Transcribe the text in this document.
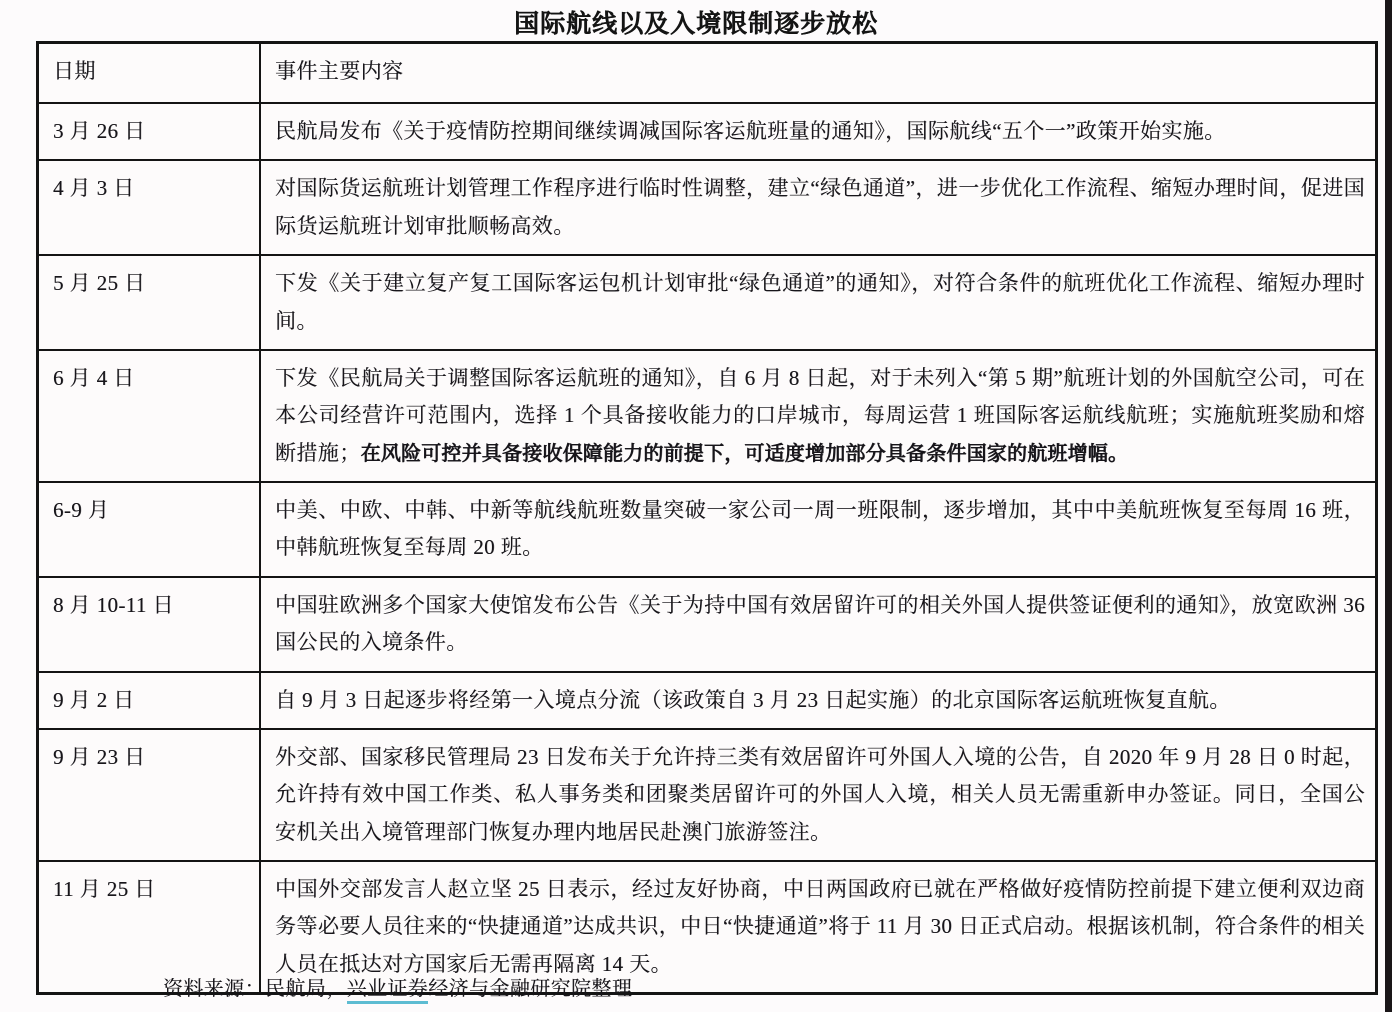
国际航线以及入境限制逐步放松
日期	事件主要内容
3 月 26 日	民航局发布《关于疫情防控期间继续调减国际客运航班量的通知》，国际航线“五个一”政策开始实施。
4 月 3 日	对国际货运航班计划管理工作程序进行临时性调整，建立“绿色通道”，进一步优化工作流程、缩短办理时间，促进国际货运航班计划审批顺畅高效。
5 月 25 日	下发《关于建立复产复工国际客运包机计划审批“绿色通道”的通知》，对符合条件的航班优化工作流程、缩短办理时间。
6 月 4 日	下发《民航局关于调整国际客运航班的通知》，自 6 月 8 日起，对于未列入“第 5 期”航班计划的外国航空公司，可在本公司经营许可范围内，选择 1 个具备接收能力的口岸城市，每周运营 1 班国际客运航线航班；实施航班奖励和熔断措施；在风险可控并具备接收保障能力的前提下，可适度增加部分具备条件国家的航班增幅。
6-9 月	中美、中欧、中韩、中新等航线航班数量突破一家公司一周一班限制，逐步增加，其中中美航班恢复至每周 16 班，中韩航班恢复至每周 20 班。
8 月 10-11 日	中国驻欧洲多个国家大使馆发布公告《关于为持中国有效居留许可的相关外国人提供签证便利的通知》，放宽欧洲 36 国公民的入境条件。
9 月 2 日	自 9 月 3 日起逐步将经第一入境点分流（该政策自 3 月 23 日起实施）的北京国际客运航班恢复直航。
9 月 23 日	外交部、国家移民管理局 23 日发布关于允许持三类有效居留许可外国人入境的公告，自 2020 年 9 月 28 日 0 时起，允许持有效中国工作类、私人事务类和团聚类居留许可的外国人入境，相关人员无需重新申办签证。同日，全国公安机关出入境管理部门恢复办理内地居民赴澳门旅游签注。
11 月 25 日	中国外交部发言人赵立坚 25 日表示，经过友好协商，中日两国政府已就在严格做好疫情防控前提下建立便利双边商务等必要人员往来的“快捷通道”达成共识，中日“快捷通道”将于 11 月 30 日正式启动。根据该机制，符合条件的相关人员在抵达对方国家后无需再隔离 14 天。
资料来源：民航局，兴业证券经济与金融研究院整理
